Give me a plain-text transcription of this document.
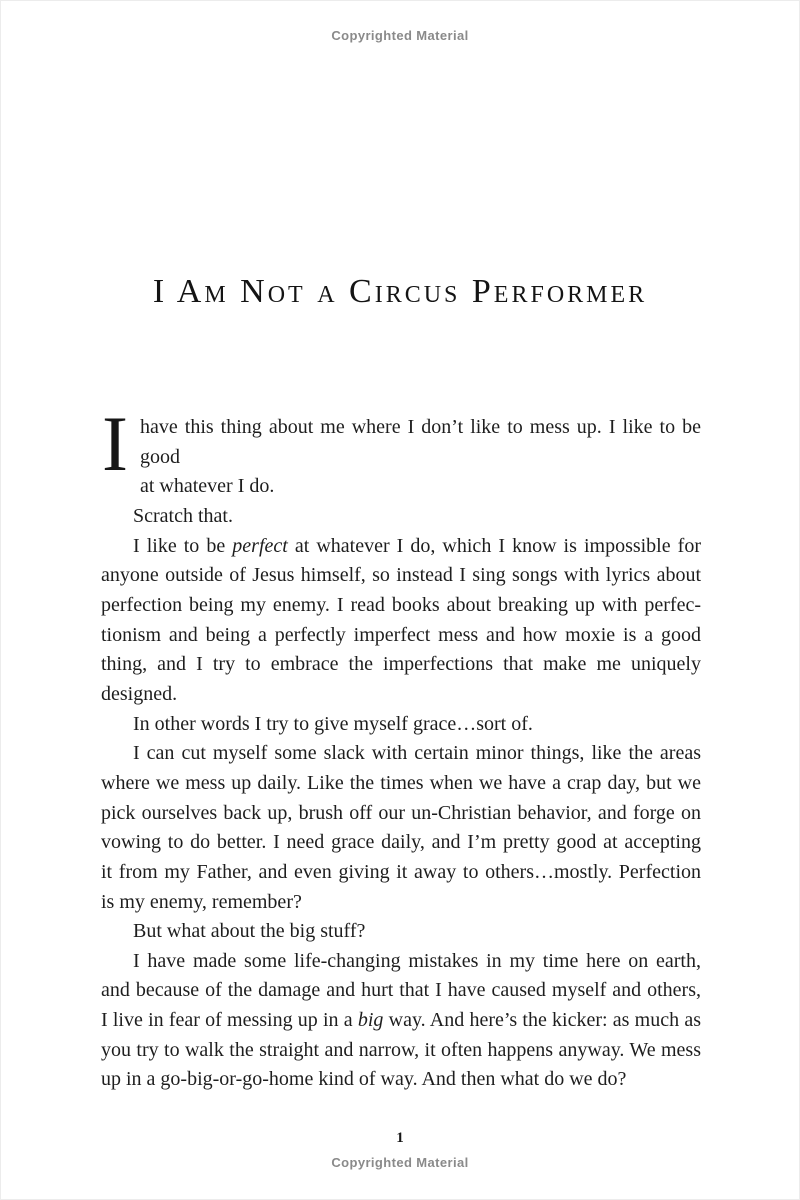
Copyrighted Material
I Am Not a Circus Performer
I have this thing about me where I don’t like to mess up. I like to be good
at whatever I do.
Scratch that.
I like to be perfect at whatever I do, which I know is impossible for
anyone outside of Jesus himself, so instead I sing songs with lyrics about
perfection being my enemy. I read books about breaking up with perfec-
tionism and being a perfectly imperfect mess and how moxie is a good
thing, and I try to embrace the imperfections that make me uniquely
designed.
In other words I try to give myself grace…sort of.
I can cut myself some slack with certain minor things, like the areas
where we mess up daily. Like the times when we have a crap day, but we
pick ourselves back up, brush off our un-Christian behavior, and forge on
vowing to do better. I need grace daily, and I’m pretty good at accepting
it from my Father, and even giving it away to others…mostly. Perfection
is my enemy, remember?
But what about the big stuff?
I have made some life-changing mistakes in my time here on earth,
and because of the damage and hurt that I have caused myself and others,
I live in fear of messing up in a big way. And here’s the kicker: as much as
you try to walk the straight and narrow, it often happens anyway. We mess
up in a go-big-or-go-home kind of way. And then what do we do?
1
Copyrighted Material
